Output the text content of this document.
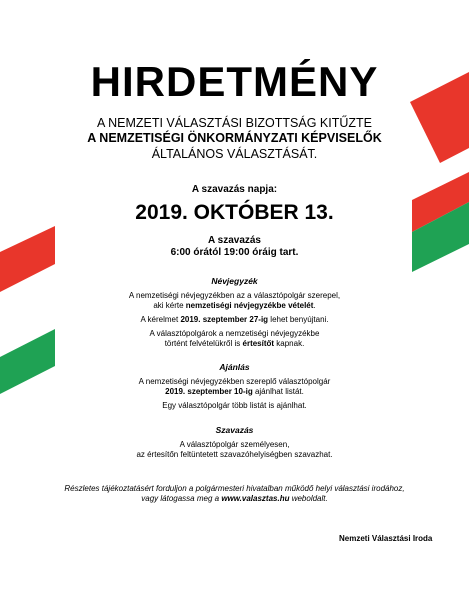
HIRDETMÉNY
A NEMZETI VÁLASZTÁSI BIZOTTSÁG KITŰZTE
A NEMZETISÉGI ÖNKORMÁNYZATI KÉPVISELŐK
ÁLTALÁNOS VÁLASZTÁSÁT.
A szavazás napja:
2019. OKTÓBER 13.
A szavazás
6:00 órától 19:00 óráig tart.
Névjegyzék
A nemzetiségi névjegyzékben az a választópolgár szerepel,
aki kérte nemzetiségi névjegyzékbe vételét.
A kérelmet 2019. szeptember 27-ig lehet benyújtani.
A választópolgárok a nemzetiségi névjegyzékbe
történt felvételükről is értesítőt kapnak.
Ajánlás
A nemzetiségi névjegyzékben szereplő választópolgár
2019. szeptember 10-ig ajánlhat listát.
Egy választópolgár több listát is ajánlhat.
Szavazás
A választópolgár személyesen,
az értesítőn feltüntetett szavazóhelyiségben szavazhat.
Részletes tájékoztatásért forduljon a polgármesteri hivatalban működő helyi választási irodához,
vagy látogassa meg a www.valasztas.hu weboldalt.
Nemzeti Választási Iroda
